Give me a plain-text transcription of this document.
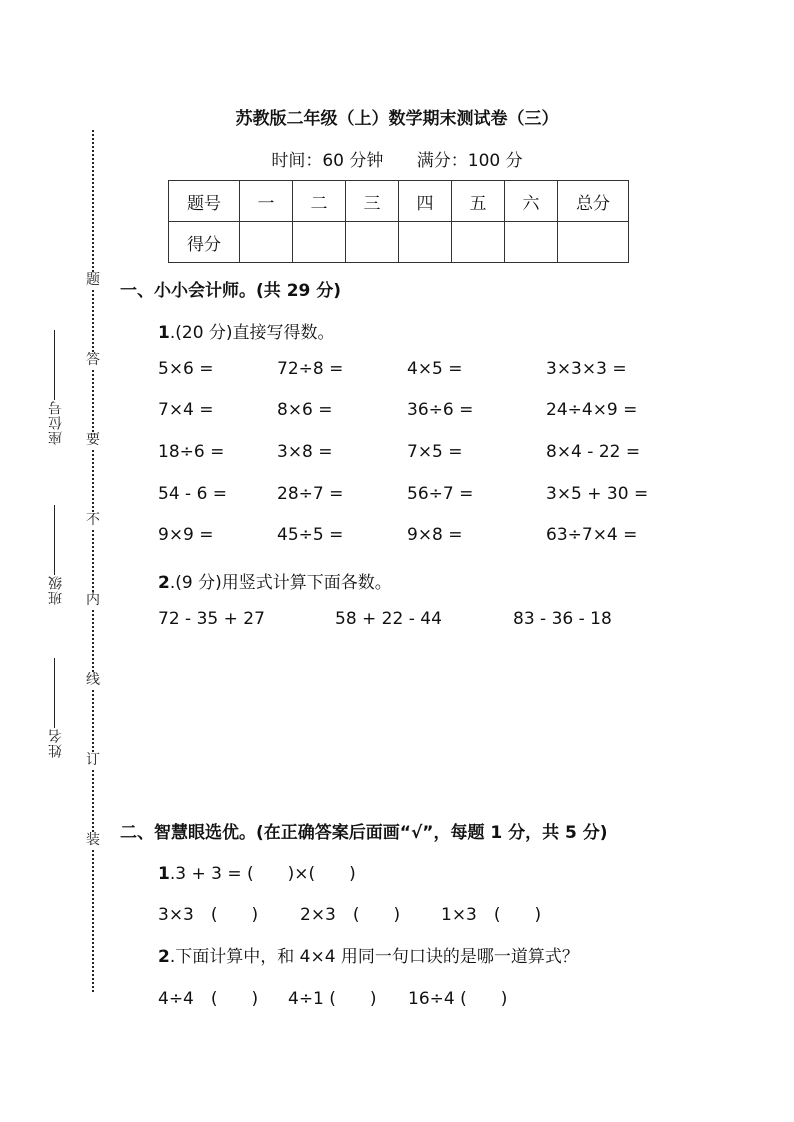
题
答
要
不
内
线
订
装
座位号
班级
姓名
苏教版二年级（上）数学期末测试卷（三）
时间：60 分钟 满分：100 分
题号	一	二	三	四	五	六	总分
得分							
一、小小会计师。(共 29 分)
1.(20 分)直接写得数。
5×6 =	72÷8 =	4×5 =	3×3×3 =
7×4 =	8×6 =	36÷6 =	24÷4×9 =
18÷6 =	3×8 =	7×5 =	8×4 - 22 =
54 - 6 =	28÷7 =	56÷7 =	3×5 + 30 =
9×9 =	45÷5 =	9×8 =	63÷7×4 =
2.(9 分)用竖式计算下面各数。
72 - 35 + 27	58 + 22 - 44	83 - 36 - 18
二、智慧眼选优。(在正确答案后面画“√”，每题 1 分，共 5 分)
1.3 + 3 = (　　)×(　　)
3×3　(　　) 2×3　(　　) 1×3　(　　)
2.下面计算中，和 4×4 用同一句口诀的是哪一道算式？
4÷4　(　　) 4÷1 (　　) 16÷4 (　　)
